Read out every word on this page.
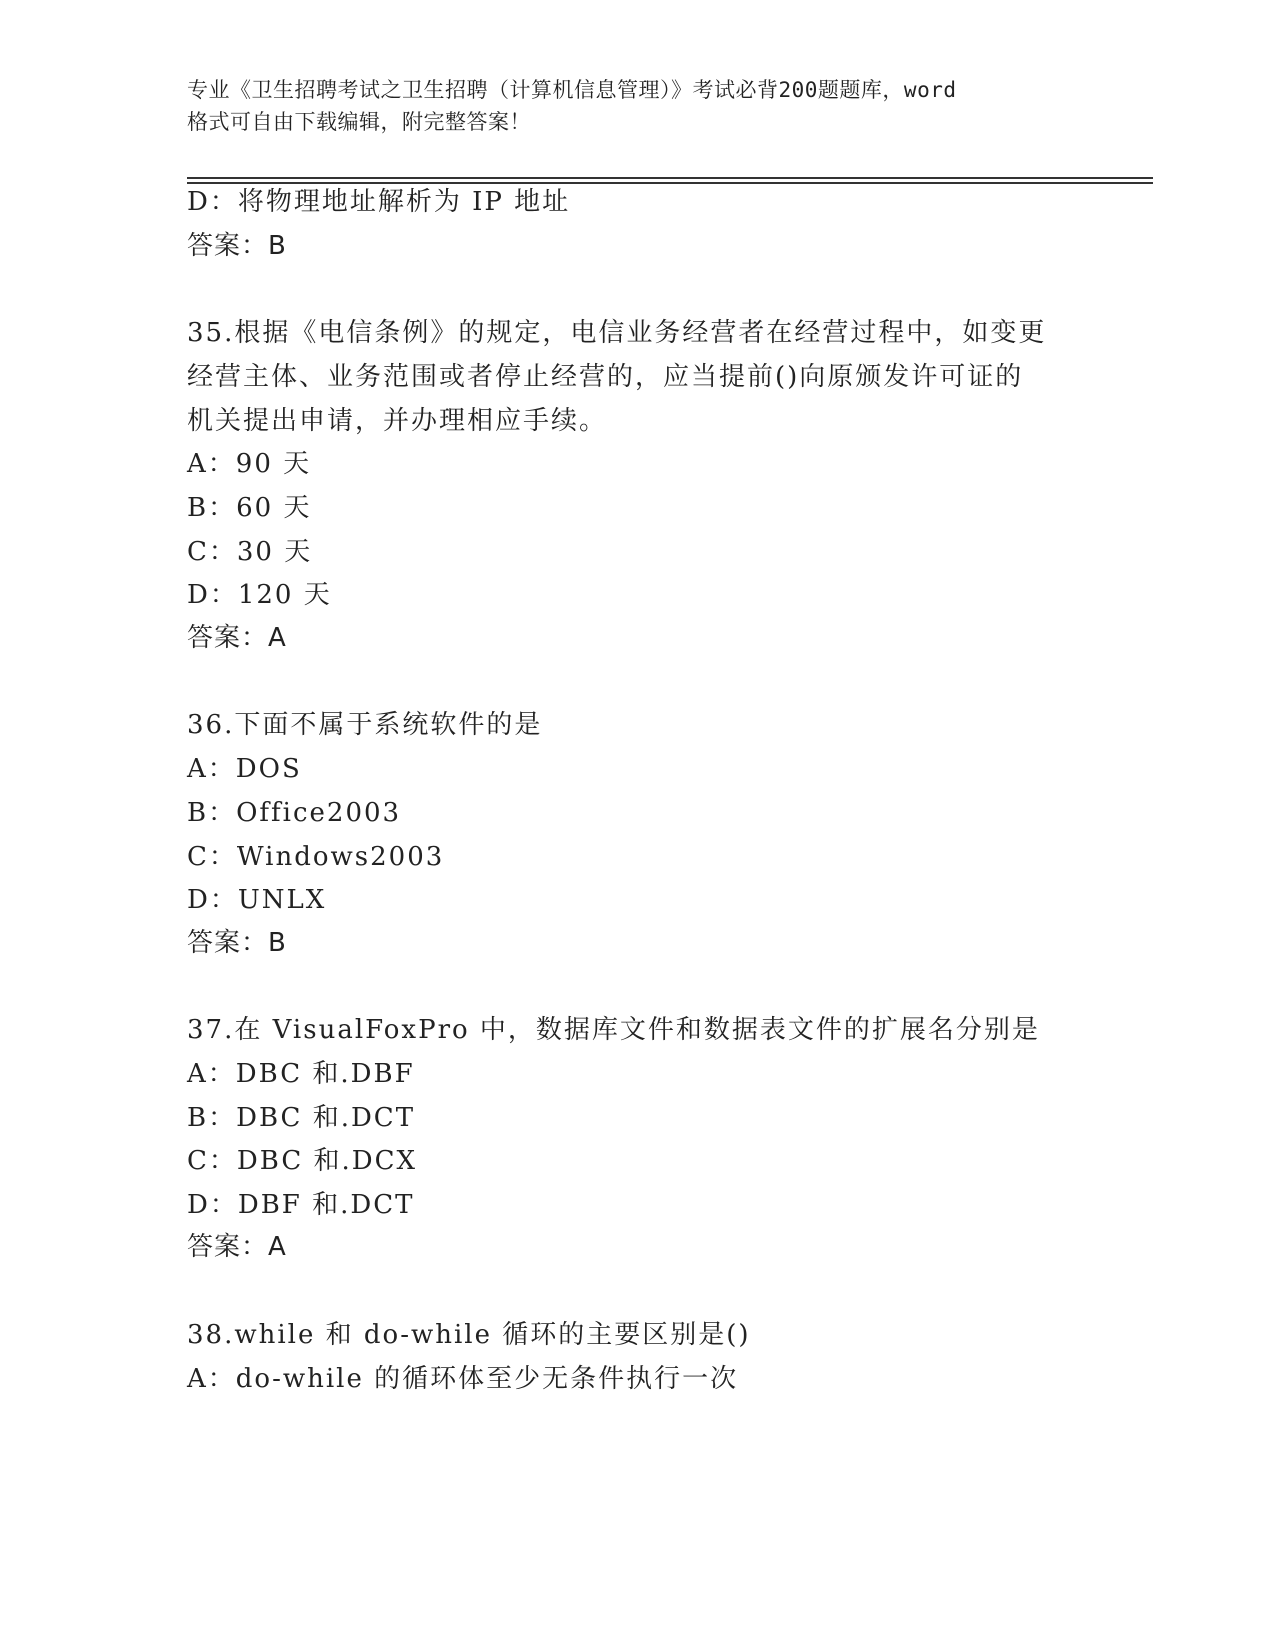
专业《卫生招聘考试之卫生招聘（计算机信息管理）》考试必背200题题库，word
格式可自由下载编辑，附完整答案！
D：将物理地址解析为 IP 地址
答案：B
35.根据《电信条例》的规定，电信业务经营者在经营过程中，如变更
经营主体、业务范围或者停止经营的，应当提前()向原颁发许可证的
机关提出申请，并办理相应手续。
A：90 天
B：60 天
C：30 天
D：120 天
答案：A
36.下面不属于系统软件的是
A：DOS
B：Office2003
C：Windows2003
D：UNLX
答案：B
37.在 VisualFoxPro 中，数据库文件和数据表文件的扩展名分别是
A：DBC 和.DBF
B：DBC 和.DCT
C：DBC 和.DCX
D：DBF 和.DCT
答案：A
38.while 和 do-while 循环的主要区别是()
A：do-while 的循环体至少无条件执行一次
